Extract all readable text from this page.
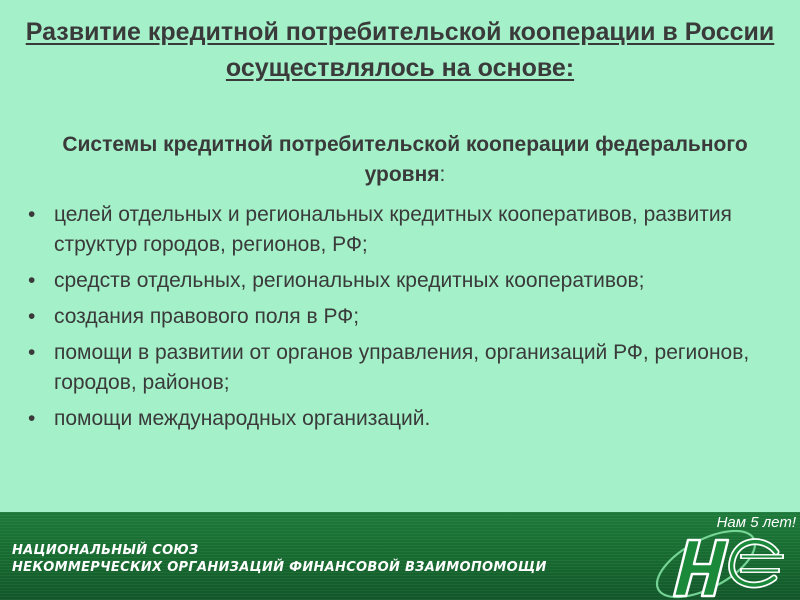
Развитие кредитной потребительской кооперации в России осуществлялось на основе:

Системы кредитной потребительской кооперации федерального уровня:

• целей отдельных и региональных кредитных кооперативов, развития структур городов, регионов, РФ;
• средств отдельных, региональных кредитных кооперативов;
• создания правового поля в РФ;
• помощи в развитии от органов управления, организаций РФ, регионов, городов, районов;
• помощи международных организаций.

НАЦИОНАЛЬНЫЙ СОЮЗ
НЕКОММЕРЧЕСКИХ ОРГАНИЗАЦИЙ ФИНАНСОВОЙ ВЗАИМОПОМОЩИ

Нам 5 лет!
